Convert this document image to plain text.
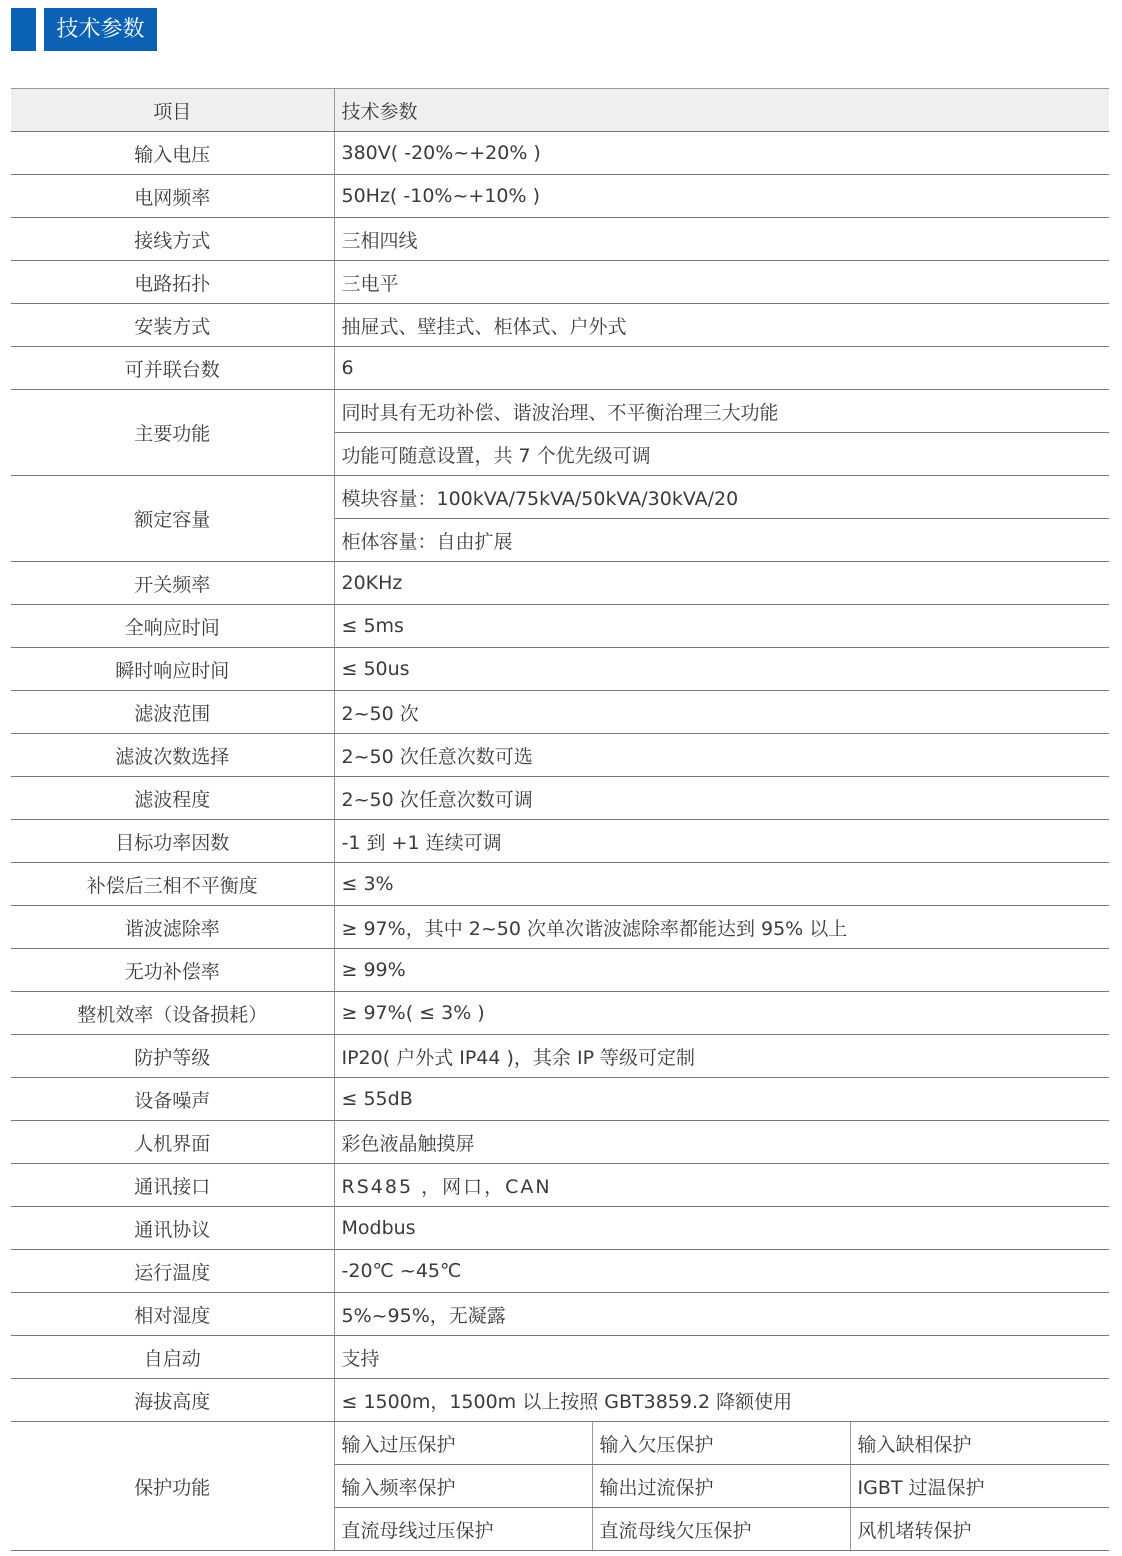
技术参数
项目	技术参数		
输入电压	380V( -20%~+20% )		
电网频率	50Hz( -10%~+10% )		
接线方式	三相四线		
电路拓扑	三电平		
安装方式	抽屉式、壁挂式、柜体式、户外式		
可并联台数	6		
主要功能	同时具有无功补偿、谐波治理、不平衡治理三大功能		
	功能可随意设置，共 7 个优先级可调		
额定容量	模块容量：100kVA/75kVA/50kVA/30kVA/20		
	柜体容量：自由扩展		
开关频率	20KHz		
全响应时间	≤ 5ms		
瞬时响应时间	≤ 50us		
滤波范围	2~50 次		
滤波次数选择	2~50 次任意次数可选		
滤波程度	2~50 次任意次数可调		
目标功率因数	-1 到 +1 连续可调		
补偿后三相不平衡度	≤ 3%		
谐波滤除率	≥ 97%，其中 2~50 次单次谐波滤除率都能达到 95% 以上		
无功补偿率	≥ 99%		
整机效率（设备损耗）	≥ 97%( ≤ 3% )		
防护等级	IP20( 户外式 IP44 )，其余 IP 等级可定制		
设备噪声	≤ 55dB		
人机界面	彩色液晶触摸屏		
通讯接口	RS485 ，网口，CAN		
通讯协议	Modbus		
运行温度	-20℃ ~45℃		
相对湿度	5%~95%，无凝露		
自启动	支持		
海拔高度	≤ 1500m，1500m 以上按照 GBT3859.2 降额使用		
保护功能	输入过压保护	输入欠压保护	输入缺相保护
	输入频率保护	输出过流保护	IGBT 过温保护
	直流母线过压保护	直流母线欠压保护	风机堵转保护
